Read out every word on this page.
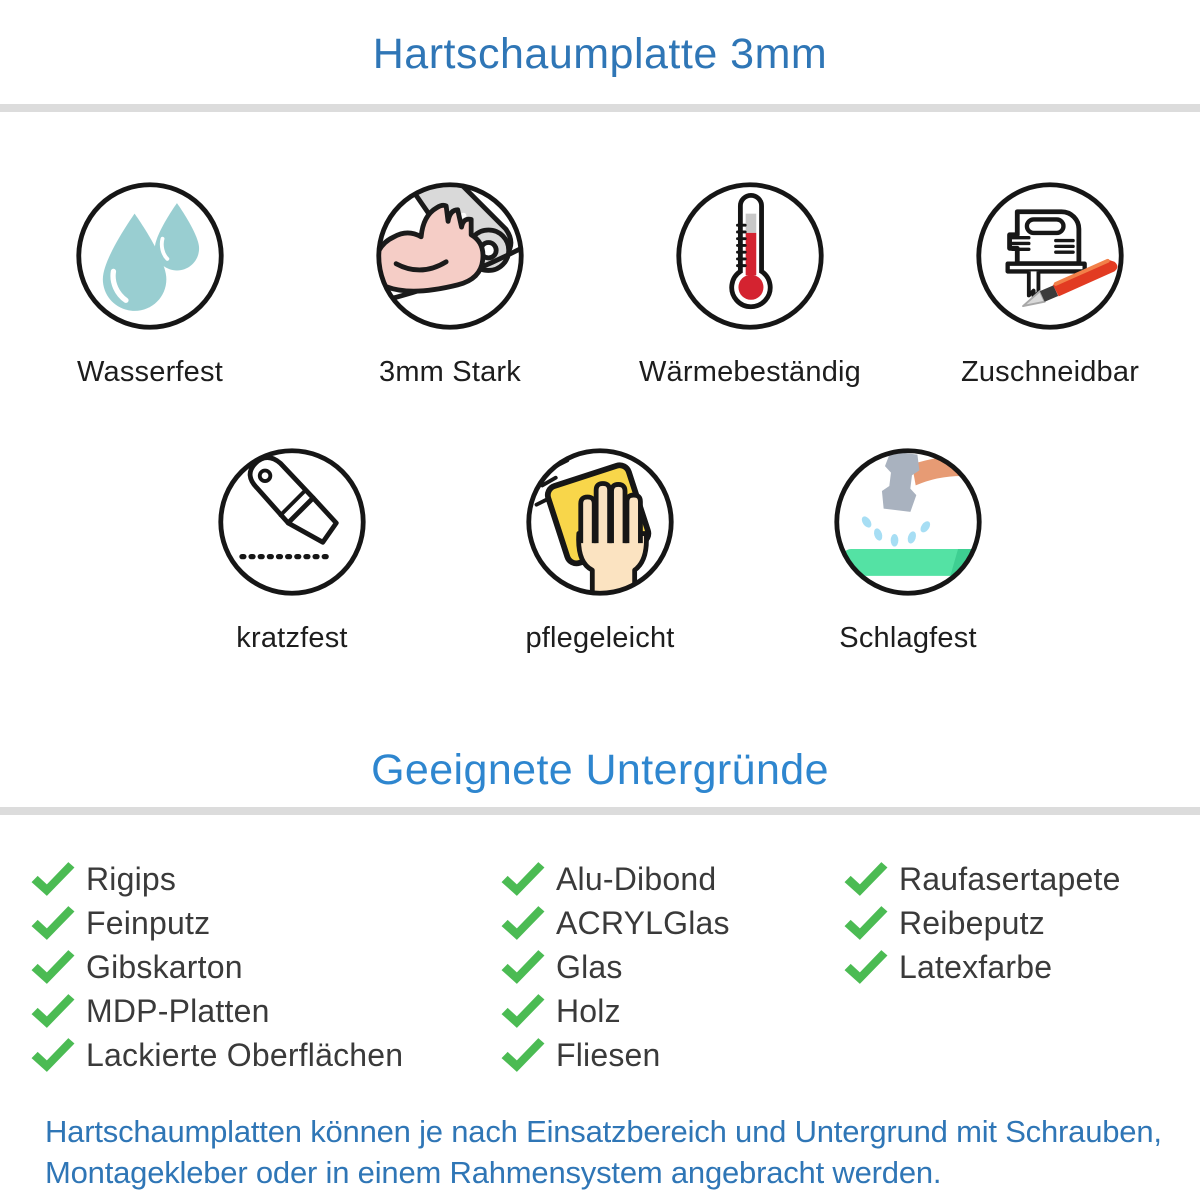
Hartschaumplatte 3mm
Wasserfest	3mm Stark	Wärmebeständig	Zuschneidbar
kratzfest	pflegeleicht	Schlagfest
Geeignete Untergründe
Rigips
Feinputz
Gibskarton
MDP-Platten
Lackierte Oberflächen
Alu-Dibond
ACRYLGlas
Glas
Holz
Fliesen
Raufasertapete
Reibeputz
Latexfarbe
Hartschaumplatten können je nach Einsatzbereich und Untergrund mit Schrauben, Montagekleber oder in einem Rahmensystem angebracht werden.
